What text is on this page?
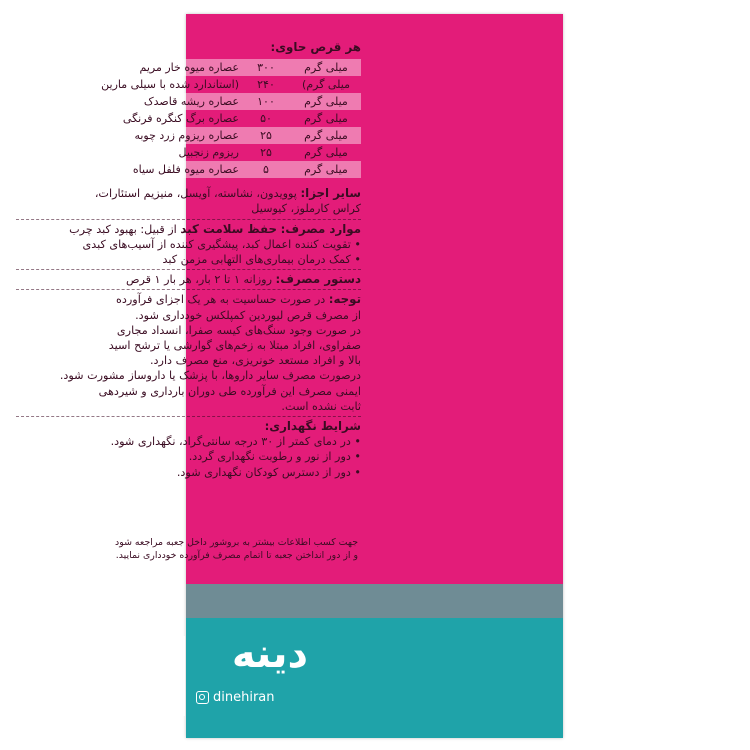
هر قرص حاوی:
عصاره میوه خار مریم	۳۰۰	میلی گرم
(استاندارد شده با سیلی مارین	۲۴۰	میلی گرم)
عصاره ریشه قاصدک	۱۰۰	میلی گرم
عصاره برگ کنگره فرنگی	۵۰	میلی گرم
عصاره ریزوم زرد چوبه	۲۵	میلی گرم
ریزوم زنجبیل	۲۵	میلی گرم
عصاره میوه فلفل سیاه	۵	میلی گرم
سایر اجزا: پوویدون، نشاسته، آویسل، منیزیم استئارات،
کراس کارملوز، کیوسیل
موارد مصرف: حفظ سلامت کبد از قبیل: بهبود کبد چرب
• تقویت کننده اعمال کبد، پیشگیری کننده از آسیب‌های کبدی
• کمک درمان بیماری‌های التهابی مزمن کبد
دستور مصرف: روزانه ۱ تا ۲ بار، هر بار ۱ قرص
توجه: در صورت حساسیت به هر یک اجزای فرآورده
از مصرف قرص لیوردین کمپلکس خودداری شود.
در صورت وجود سنگ‌های کیسه صفرا، انسداد مجاری
صفراوی، افراد مبتلا به زخم‌های گوارشی یا ترشح اسید
بالا و افراد مستعد خونریزی، منع مصرف دارد.
درصورت مصرف سایر داروها، با پزشک یا داروساز مشورت شود.
ایمنی مصرف این فرآورده طی دوران بارداری و شیردهی
ثابت نشده است.
شرایط نگهداری:
• در دمای کمتر از ۳۰ درجه سانتی‌گراد، نگهداری شود.
• دور از نور و رطوبت نگهداری گردد.
• دور از دسترس کودکان نگهداری شود.
جهت کسب اطلاعات بیشتر به بروشور داخل جعبه مراجعه شود
و از دور انداختن جعبه تا اتمام مصرف فرآورده خودداری نمایید.
دینه
dinehiran
مشاوره دارویی
صدای شما
021.61018
